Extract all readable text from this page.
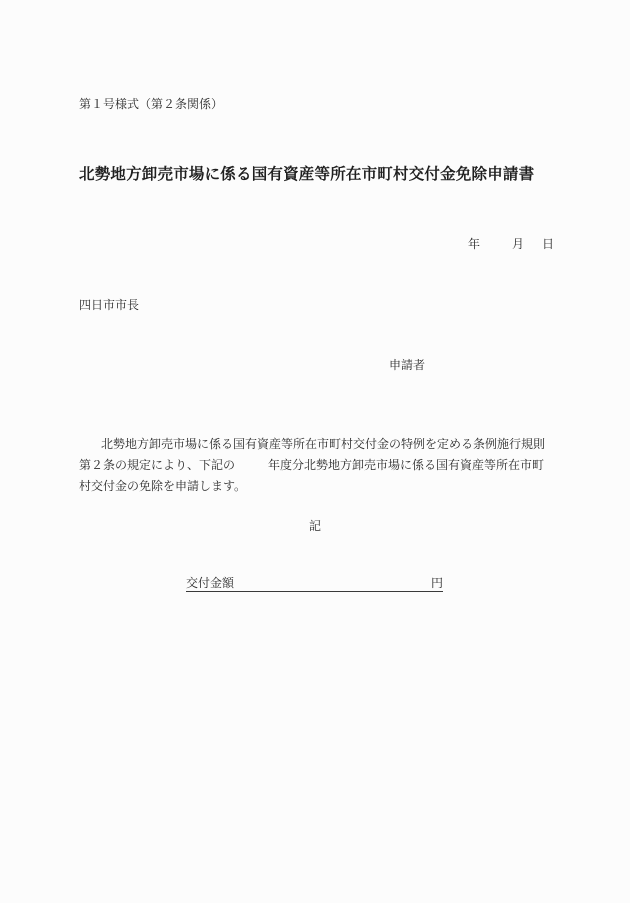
第１号様式（第２条関係）
北勢地方卸売市場に係る国有資産等所在市町村交付金免除申請書
年	月	日
四日市市長
申請者
北勢地方卸売市場に係る国有資産等所在市町村交付金の特例を定める条例施行規則
第２条の規定により、下記の	年度分北勢地方卸売市場に係る国有資産等所在市町
村交付金の免除を申請します。
記
交付金額	円
